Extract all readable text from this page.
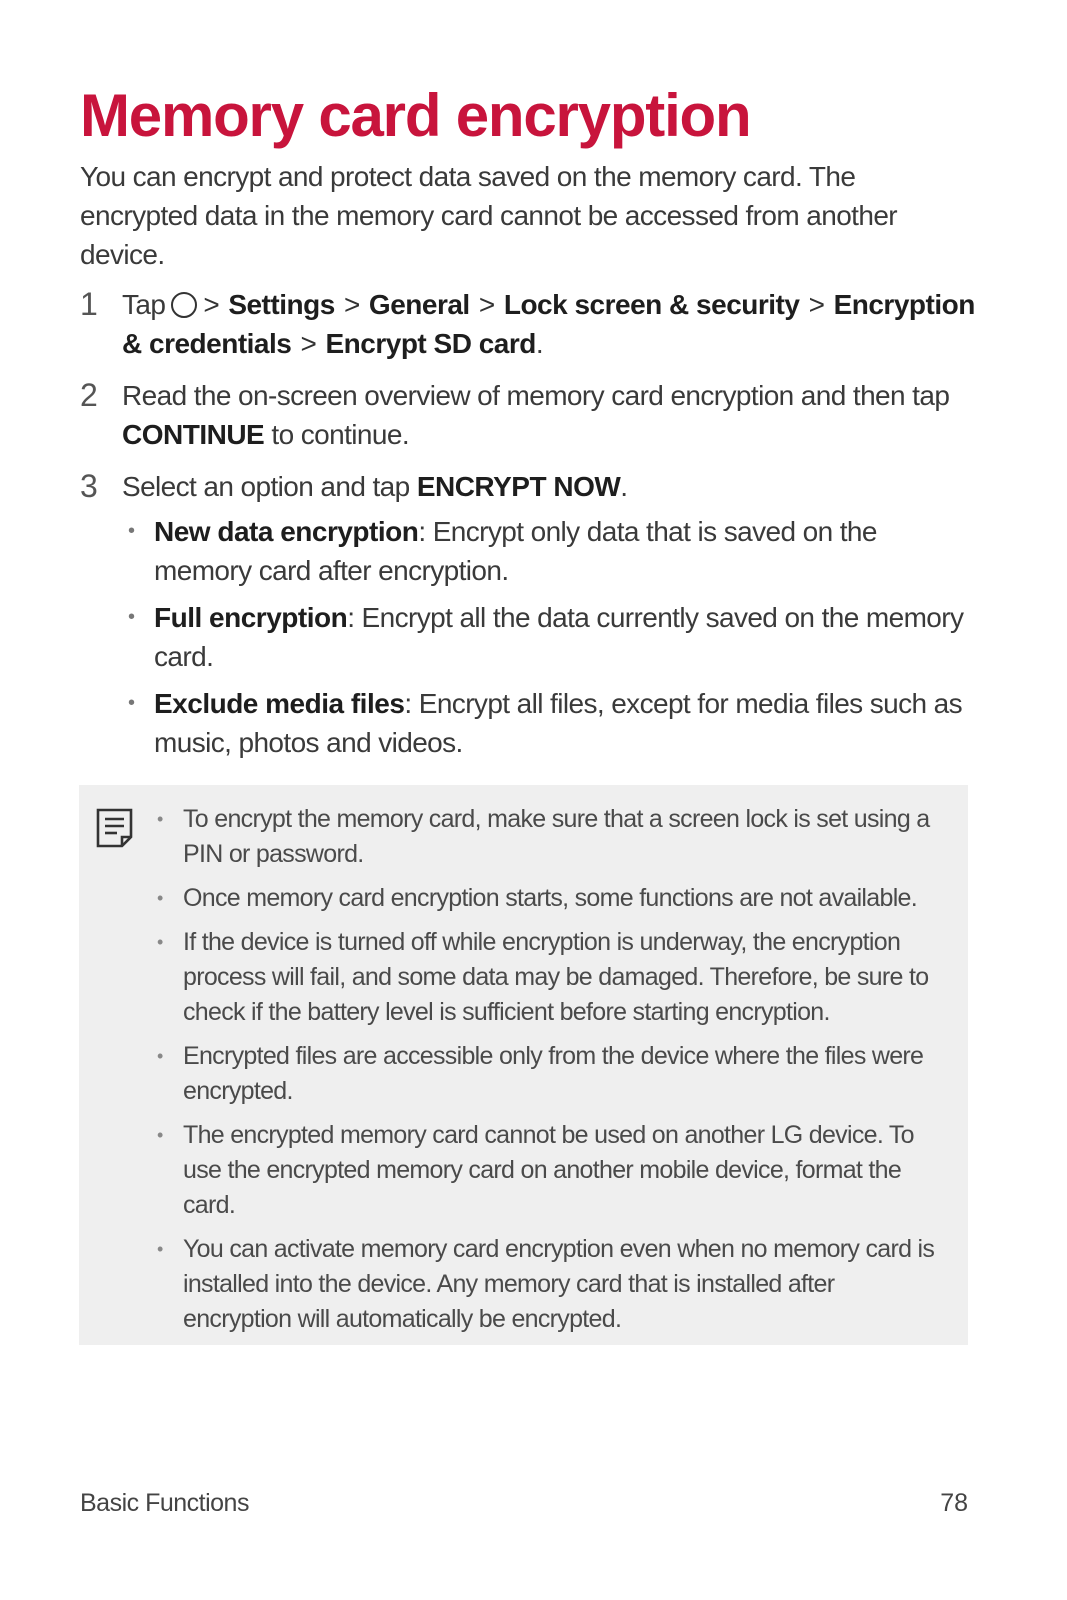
Memory card encryption

You can encrypt and protect data saved on the memory card. The encrypted data in the memory card cannot be accessed from another device.

1 Tap > Settings > General > Lock screen & security > Encryption & credentials > Encrypt SD card.
2 Read the on-screen overview of memory card encryption and then tap CONTINUE to continue.
3 Select an option and tap ENCRYPT NOW.
• New data encryption: Encrypt only data that is saved on the memory card after encryption.
• Full encryption: Encrypt all the data currently saved on the memory card.
• Exclude media files: Encrypt all files, except for media files such as music, photos and videos.
• To encrypt the memory card, make sure that a screen lock is set using a PIN or password.
• Once memory card encryption starts, some functions are not available.
• If the device is turned off while encryption is underway, the encryption process will fail, and some data may be damaged. Therefore, be sure to check if the battery level is sufficient before starting encryption.
• Encrypted files are accessible only from the device where the files were encrypted.
• The encrypted memory card cannot be used on another LG device. To use the encrypted memory card on another mobile device, format the card.
• You can activate memory card encryption even when no memory card is installed into the device. Any memory card that is installed after encryption will automatically be encrypted.
Basic Functions	78
